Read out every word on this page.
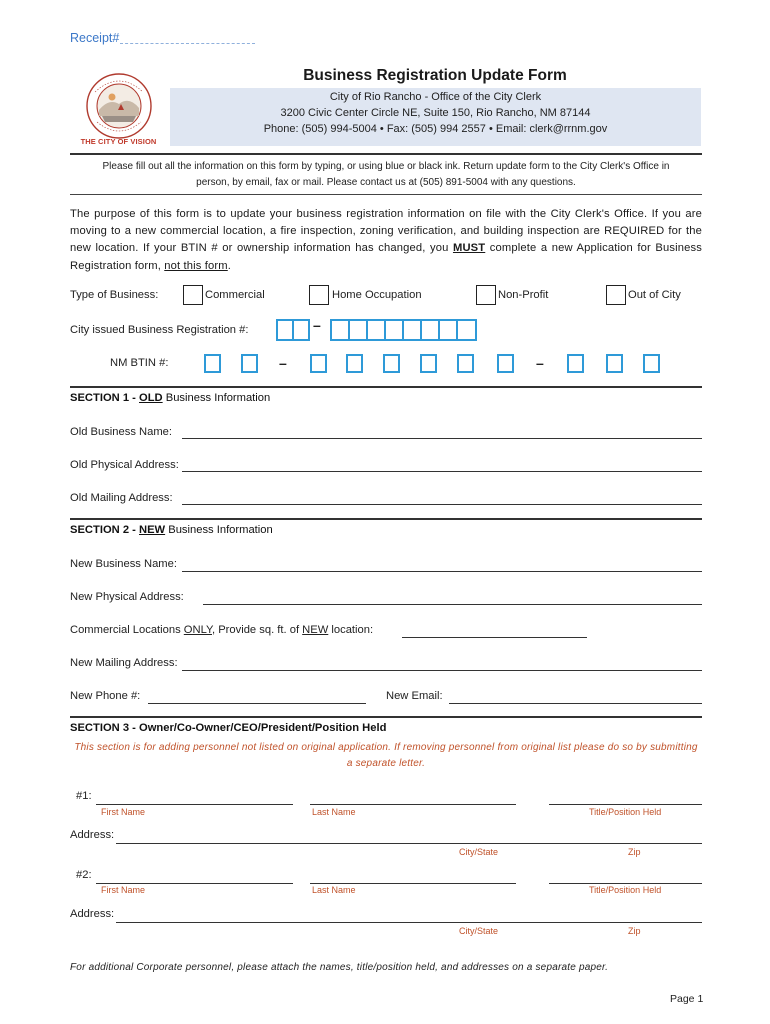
Receipt#
THE CITY OF VISION
Business Registration Update Form
City of Rio Rancho - Office of the City Clerk
3200 Civic Center Circle NE, Suite 150, Rio Rancho, NM 87144
Phone: (505) 994-5004 • Fax: (505) 994 2557 • Email: clerk@rrnm.gov
Please fill out all the information on this form by typing, or using blue or black ink. Return update form to the City Clerk's Office in
person, by email, fax or mail. Please contact us at (505) 891-5004 with any questions.
The purpose of this form is to update your business registration information on file with the City Clerk's Office. If you are moving to a new commercial location, a fire inspection, zoning verification, and building inspection are REQUIRED for the new location. If your BTIN # or ownership information has changed, you MUST complete a new Application for Business Registration form, not this form.
Type of Business:	Commercial	Home Occupation	Non-Profit	Out of City
City issued Business Registration #:	–
NM BTIN #:	–	–
SECTION 1 - OLD Business Information
Old Business Name:
Old Physical Address:
Old Mailing Address:
SECTION 2 - NEW Business Information
New Business Name:
New Physical Address:
Commercial Locations ONLY, Provide sq. ft. of NEW location:
New Mailing Address:
New Phone #:	New Email:
SECTION 3 - Owner/Co-Owner/CEO/President/Position Held
This section is for adding personnel not listed on original application. If removing personnel from original list please do so by submitting
a separate letter.
#1:
First Name	Last Name	Title/Position Held
Address:
City/State	Zip
#2:
First Name	Last Name	Title/Position Held
Address:
City/State	Zip
For additional Corporate personnel, please attach the names, title/position held, and addresses on a separate paper.
Page 1
